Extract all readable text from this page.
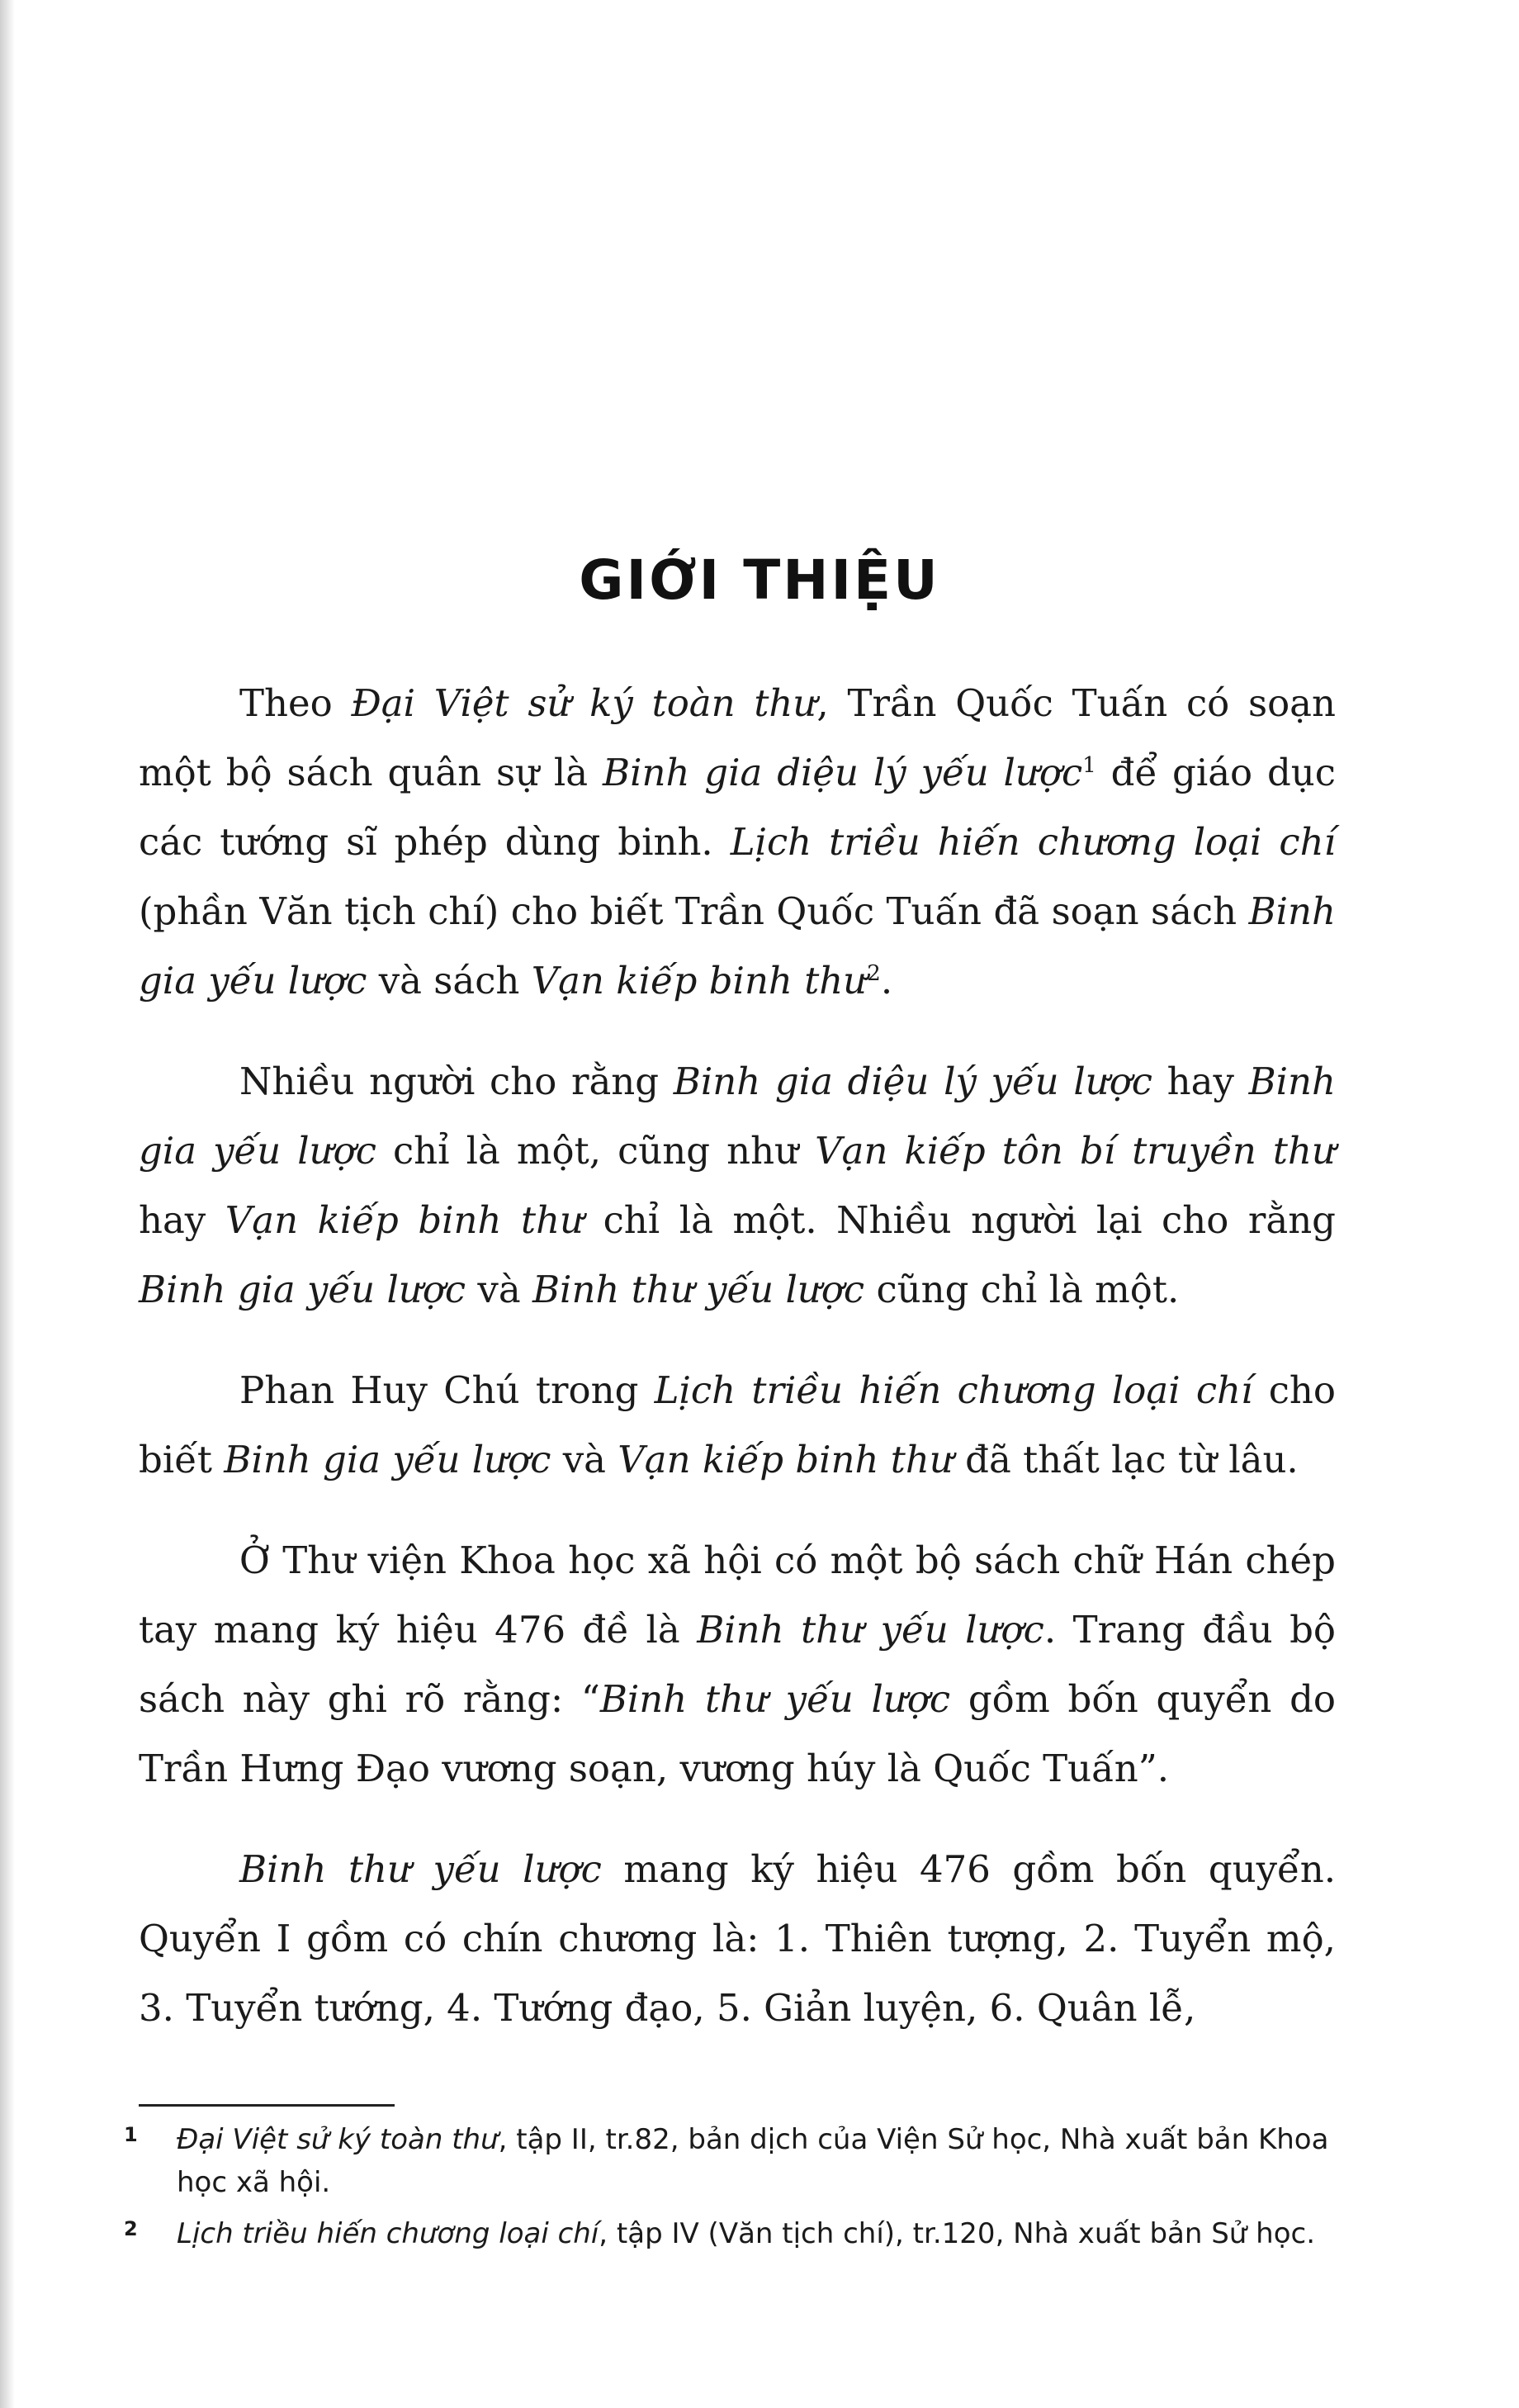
GIỚI THIỆU

Theo Đại Việt sử ký toàn thư, Trần Quốc Tuấn có soạn một bộ sách quân sự là Binh gia diệu lý yếu lược$^1$ để giáo dục các tướng sĩ phép dùng binh. Lịch triều hiến chương loại chí (phần Văn tịch chí) cho biết Trần Quốc Tuấn đã soạn sách Binh gia yếu lược và sách Vạn kiếp binh thư$^2$.

Nhiều người cho rằng Binh gia diệu lý yếu lược hay Binh gia yếu lược chỉ là một, cũng như Vạn kiếp tôn bí truyền thư hay Vạn kiếp binh thư chỉ là một. Nhiều người lại cho rằng Binh gia yếu lược và Binh thư yếu lược cũng chỉ là một.

Phan Huy Chú trong Lịch triều hiến chương loại chí cho biết Binh gia yếu lược và Vạn kiếp binh thư đã thất lạc từ lâu.

Ở Thư viện Khoa học xã hội có một bộ sách chữ Hán chép tay mang ký hiệu 476 đề là Binh thư yếu lược. Trang đầu bộ sách này ghi rõ rằng: “Binh thư yếu lược gồm bốn quyển do Trần Hưng Đạo vương soạn, vương húy là Quốc Tuấn”.

Binh thư yếu lược mang ký hiệu 476 gồm bốn quyển. Quyển I gồm có chín chương là: 1. Thiên tượng, 2. Tuyển mộ, 3. Tuyển tướng, 4. Tướng đạo, 5. Giản luyện, 6. Quân lễ,

1 Đại Việt sử ký toàn thư, tập II, tr.82, bản dịch của Viện Sử học, Nhà xuất bản Khoa học xã hội.
2 Lịch triều hiến chương loại chí, tập IV (Văn tịch chí), tr.120, Nhà xuất bản Sử học.
